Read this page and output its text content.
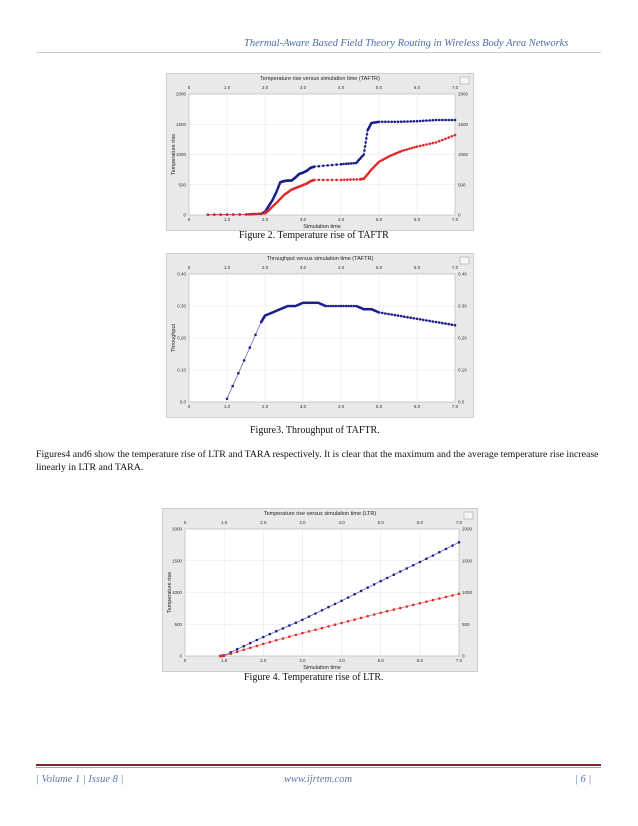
Thermal-Aware Based Field Theory Routing in Wireless Body Area Networks
Temperature rise versus simulation time (TAFTR)
0
0
1.0
1.0
2.0
2.0
3.0
3.0
4.0
4.0
5.0
5.0
6.0
6.0
7.0
7.0
0	0
500	500
1000	1000
1500	1500
2000	2000
Simulation time
Temperature rise
Figure 2. Temperature rise of TAFTR
Throughput versus simulation time (TAFTR)
0
0
1.0
1.0
2.0
2.0
3.0
3.0
4.0
4.0
5.0
5.0
6.0
6.0
7.0
7.0
0.0	0.0
0.10	0.10
0.20	0.20
0.30	0.30
0.40	0.40
Throughput
Figure3. Throughput of TAFTR.
Figures4 and6 show the temperature rise of LTR and TARA respectively. It is clear that the maximum and the average temperature rise increase linearly in LTR and TARA.
Temperature rise versus simulation time (LTR)
0
0
1.0
1.0
2.0
2.0
3.0
3.0
4.0
4.0
5.0
5.0
6.0
6.0
7.0
7.0
0	0
500	500
1000	1000
1500	1500
2000	2000
Simulation time
Temperature rise
Figure 4. Temperature rise of LTR.
| Volume 1 | Issue 8 |	www.ijrtem.com	| 6 |
